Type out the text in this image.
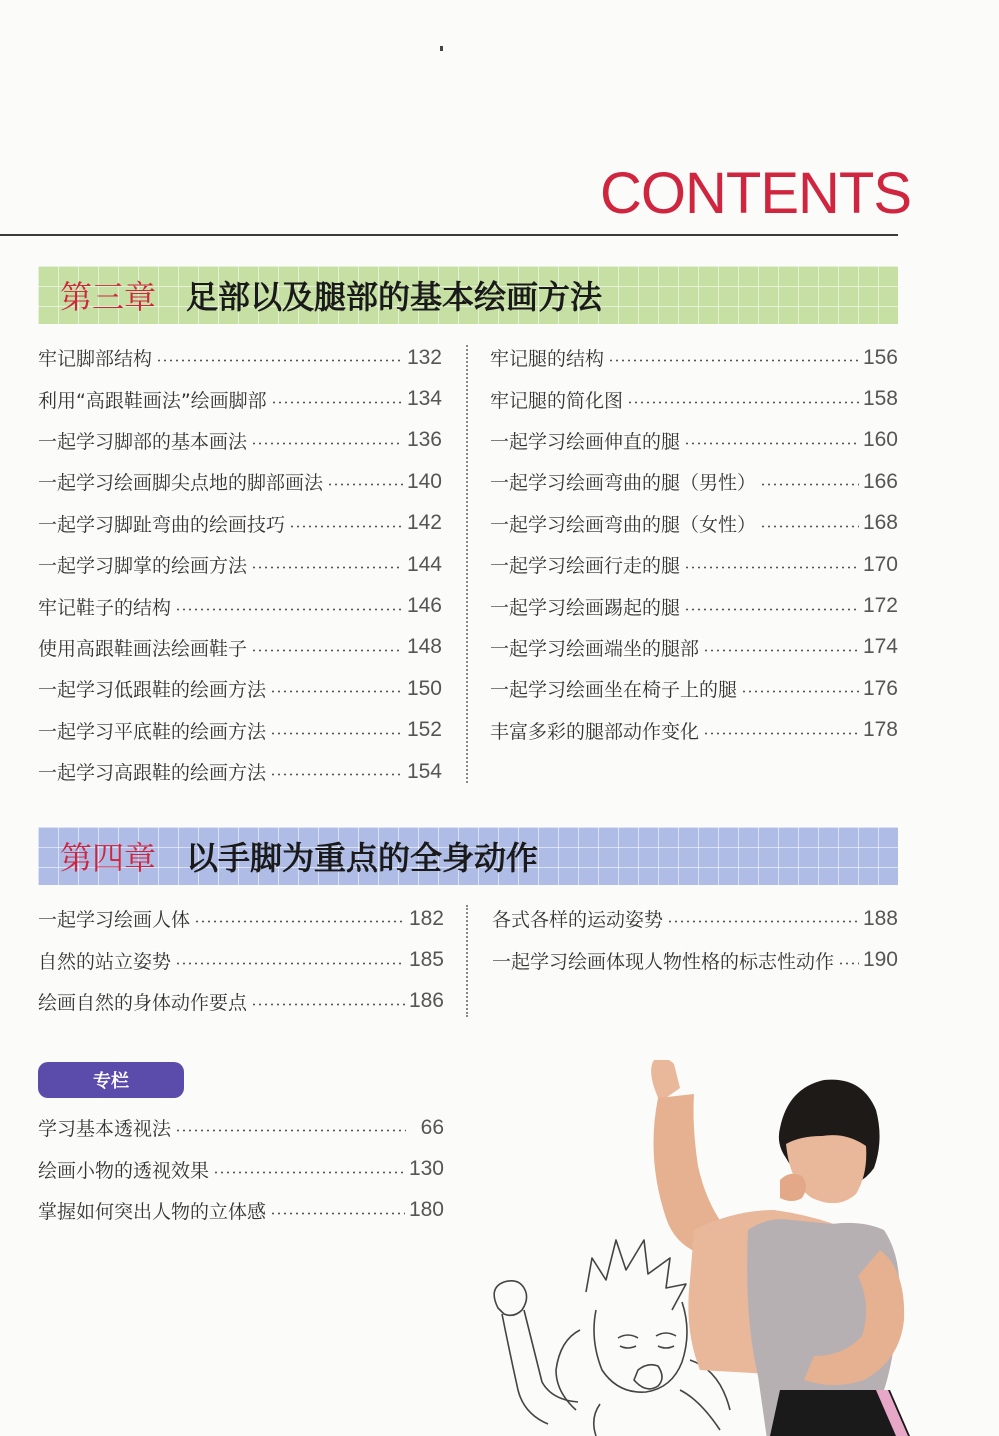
CONTENTS
第三章 足部以及腿部的基本绘画方法
牢记脚部结构	132
利用“高跟鞋画法”绘画脚部	134
一起学习脚部的基本画法	136
一起学习绘画脚尖点地的脚部画法	140
一起学习脚趾弯曲的绘画技巧	142
一起学习脚掌的绘画方法	144
牢记鞋子的结构	146
使用高跟鞋画法绘画鞋子	148
一起学习低跟鞋的绘画方法	150
一起学习平底鞋的绘画方法	152
一起学习高跟鞋的绘画方法	154
牢记腿的结构	156
牢记腿的简化图	158
一起学习绘画伸直的腿	160
一起学习绘画弯曲的腿（男性）	166
一起学习绘画弯曲的腿（女性）	168
一起学习绘画行走的腿	170
一起学习绘画踢起的腿	172
一起学习绘画端坐的腿部	174
一起学习绘画坐在椅子上的腿	176
丰富多彩的腿部动作变化	178
第四章 以手脚为重点的全身动作
一起学习绘画人体	182
自然的站立姿势	185
绘画自然的身体动作要点	186
各式各样的运动姿势	188
一起学习绘画体现人物性格的标志性动作 190
专栏
学习基本透视法	66
绘画小物的透视效果	130
掌握如何突出人物的立体感	180
